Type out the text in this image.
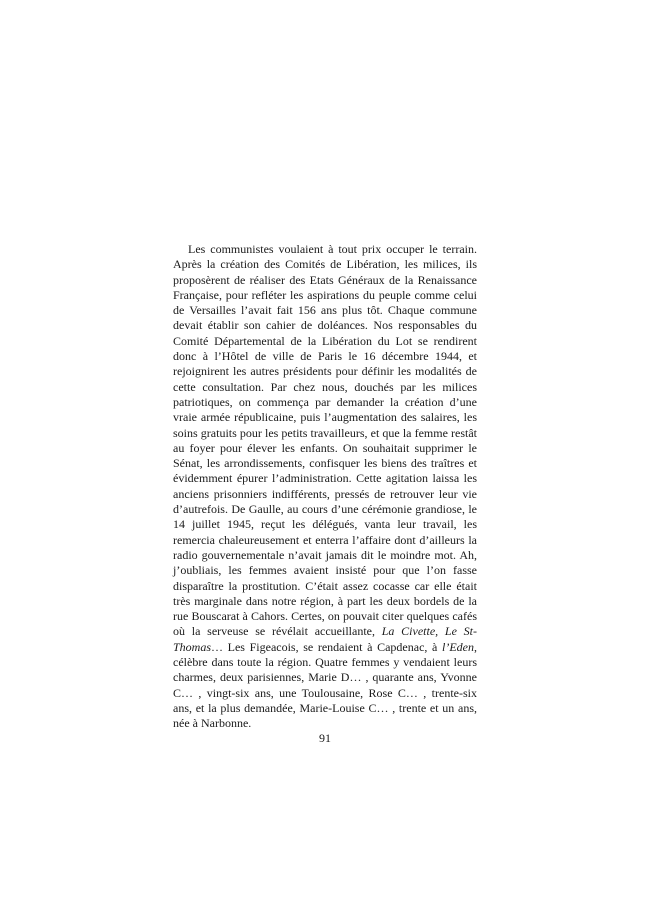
Les communistes voulaient à tout prix occuper le terrain. Après la création des Comités de Libération, les milices, ils proposèrent de réaliser des Etats Généraux de la Renaissance Française, pour refléter les aspirations du peuple comme celui de Versailles l’avait fait 156 ans plus tôt. Chaque commune devait établir son cahier de doléances. Nos responsables du Comité Départemental de la Libération du Lot se rendirent donc à l’Hôtel de ville de Paris le 16 décembre 1944, et rejoignirent les autres présidents pour définir les modalités de cette consultation. Par chez nous, douchés par les milices patriotiques, on commença par demander la création d’une vraie armée républicaine, puis l’augmentation des salaires, les soins gratuits pour les petits travailleurs, et que la femme restât au foyer pour élever les enfants. On souhaitait supprimer le Sénat, les arrondissements, confisquer les biens des traîtres et évidemment épurer l’administration. Cette agitation laissa les anciens prisonniers indifférents, pressés de retrouver leur vie d’autrefois. De Gaulle, au cours d’une cérémonie grandiose, le 14 juillet 1945, reçut les délégués, vanta leur travail, les remercia chaleureusement et enterra l’affaire dont d’ailleurs la radio gouvernementale n’avait jamais dit le moindre mot. Ah, j’oubliais, les femmes avaient insisté pour que l’on fasse disparaître la prostitution. C’était assez cocasse car elle était très marginale dans notre région, à part les deux bordels de la rue Bouscarat à Cahors. Certes, on pouvait citer quelques cafés où la serveuse se révélait accueillante, La Civette, Le St-Thomas… Les Figeacois, se rendaient à Capdenac, à l’Eden, célèbre dans toute la région. Quatre femmes y vendaient leurs charmes, deux parisiennes, Marie D… , quarante ans, Yvonne C… , vingt-six ans, une Toulousaine, Rose C… , trente-six ans, et la plus demandée, Marie-Louise C… , trente et un ans, née à Narbonne.

91
